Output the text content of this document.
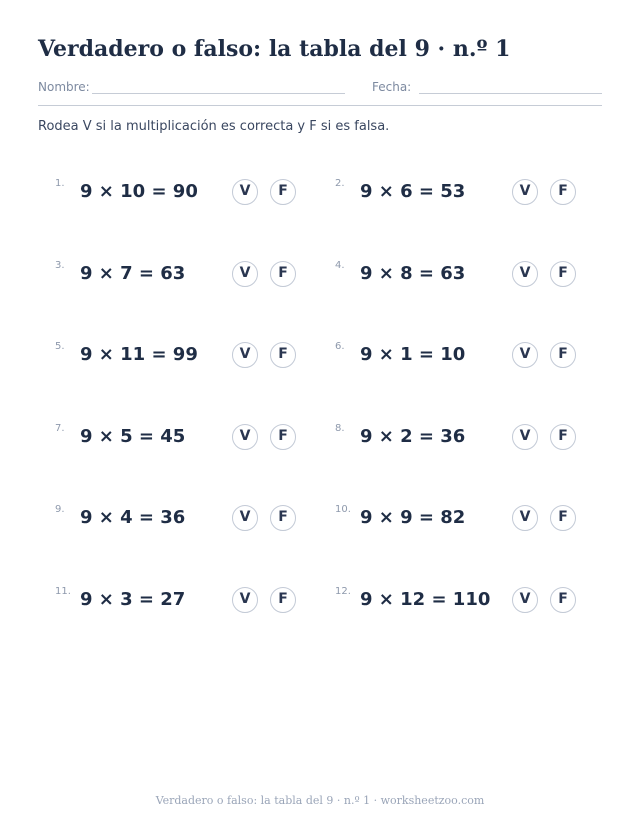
Verdadero o falso: la tabla del 9 · n.º 1
Nombre:	Fecha:
Rodea V si la multiplicación es correcta y F si es falsa.
1. 9 × 10 = 90	V	F	2. 9 × 6 = 53	V	F
3. 9 × 7 = 63	V	F	4. 9 × 8 = 63	V	F
5. 9 × 11 = 99	V	F	6. 9 × 1 = 10	V	F
7. 9 × 5 = 45	V	F	8. 9 × 2 = 36	V	F
9. 9 × 4 = 36	V	F	10. 9 × 9 = 82	V	F
11. 9 × 3 = 27	V	F	12. 9 × 12 = 110	V	F
Verdadero o falso: la tabla del 9 · n.º 1 · worksheetzoo.com
